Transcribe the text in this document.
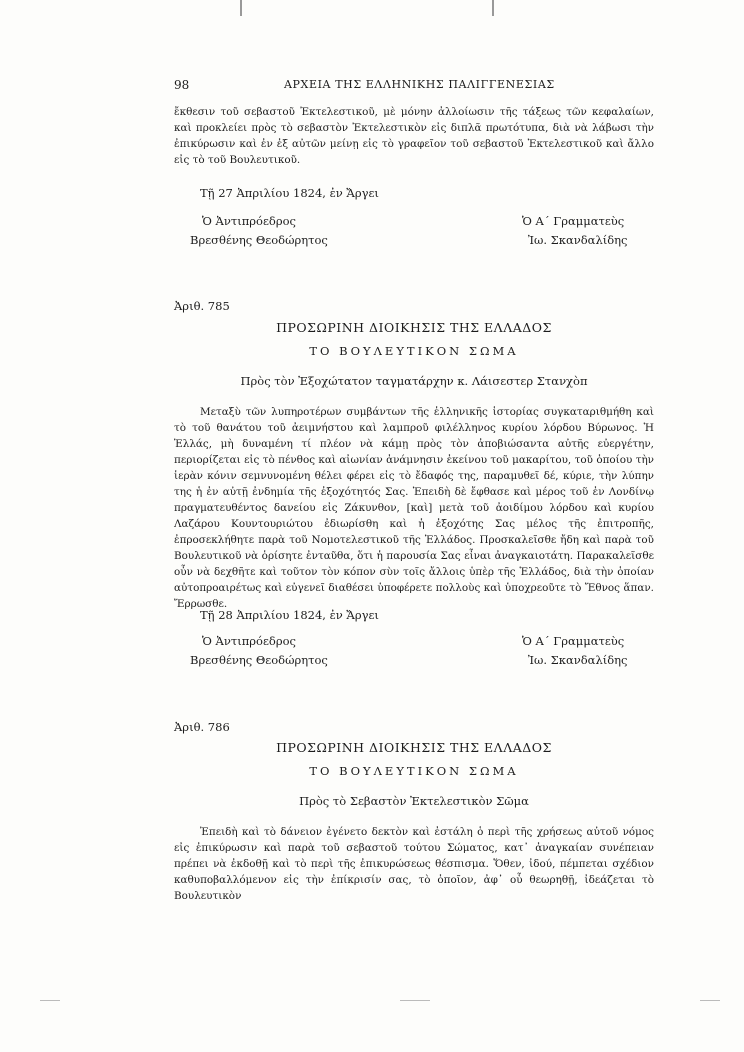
98	ΑΡΧΕΙΑ ΤΗΣ ΕΛΛΗΝΙΚΗΣ ΠΑΛΙΓΓΕΝΕΣΙΑΣ
ἔκθεσιν τοῦ σεβαστοῦ Ἐκτελεστικοῦ, μὲ μόνην ἀλλοίωσιν τῆς τάξεως τῶν κεφαλαίων, καὶ προκλείει πρὸς τὸ σεβαστὸν Ἐκτελεστικὸν εἰς διπλᾶ πρωτότυπα, διὰ νὰ λάβωσι τὴν ἐπικύρωσιν καὶ ἐν ἐξ αὐτῶν μείνῃ εἰς τὸ γραφεῖον τοῦ σεβαστοῦ Ἐκτελεστικοῦ καὶ ἄλλο εἰς τὸ τοῦ Βουλευτικοῦ.
Τῇ 27 Ἀπριλίου 1824, ἐν Ἄργει
Ὁ Ἀντιπρόεδρος
Βρεσθένης Θεοδώρητος
Ὁ Α΄ Γραμματεὺς
Ἰω. Σκανδαλίδης
Ἀριθ. 785
ΠΡΟΣΩΡΙΝΗ ΔΙΟΙΚΗΣΙΣ ΤΗΣ ΕΛΛΑΔΟΣ
ΤΟ ΒΟΥΛΕΥΤΙΚΟΝ ΣΩΜΑ
Πρὸς τὸν Ἐξοχώτατον ταγματάρχην κ. Λάισεστερ Στανχὸπ
Μεταξὺ τῶν λυπηροτέρων συμβάντων τῆς ἑλληνικῆς ἱστορίας συγκαταριθμήθη καὶ τὸ τοῦ θανάτου τοῦ ἀειμνήστου καὶ λαμπροῦ φιλέλληνος κυρίου λόρδου Βύρωνος. Ἡ Ἑλλάς, μὴ δυναμένη τί πλέον νὰ κάμῃ πρὸς τὸν ἀποβιώσαντα αὐτῆς εὐεργέτην, περιορίζεται εἰς τὸ πένθος καὶ αἰωνίαν ἀνάμνησιν ἐκείνου τοῦ μακαρίτου, τοῦ ὁποίου τὴν ἱερὰν κόνιν σεμνυνομένη θέλει φέρει εἰς τὸ ἔδαφός της, παραμυθεῖ δέ, κύριε, τὴν λύπην της ἡ ἐν αὐτῇ ἐνδημία τῆς ἐξοχότητός Σας. Ἐπειδὴ δὲ ἔφθασε καὶ μέρος τοῦ ἐν Λονδίνῳ πραγματευθέντος δανείου εἰς Ζάκυνθον, [καὶ] μετὰ τοῦ ἀοιδίμου λόρδου καὶ κυρίου Λαζάρου Κουντουριώτου ἐδιωρίσθη καὶ ἡ ἐξοχότης Σας μέλος τῆς ἐπιτροπῆς, ἐπροσεκλήθητε παρὰ τοῦ Νομοτελεστικοῦ τῆς Ἑλλάδος. Προσκαλεῖσθε ἤδη καὶ παρὰ τοῦ Βουλευτικοῦ νὰ ὁρίσητε ἐνταῦθα, ὅτι ἡ παρουσία Σας εἶναι ἀναγκαιοτάτη. Παρακαλεῖσθε οὖν νὰ δεχθῆτε καὶ τοῦτον τὸν κόπον σὺν τοῖς ἄλλοις ὑπὲρ τῆς Ἑλλάδος, διὰ τὴν ὁποίαν αὐτοπροαιρέτως καὶ εὐγενεῖ διαθέσει ὑποφέρετε πολλοὺς καὶ ὑποχρεοῦτε τὸ Ἔθνος ἅπαν. Ἔρρωσθε.
Τῇ 28 Ἀπριλίου 1824, ἐν Ἄργει
Ὁ Ἀντιπρόεδρος
Βρεσθένης Θεοδώρητος
Ὁ Α΄ Γραμματεὺς
Ἰω. Σκανδαλίδης
Ἀριθ. 786
ΠΡΟΣΩΡΙΝΗ ΔΙΟΙΚΗΣΙΣ ΤΗΣ ΕΛΛΑΔΟΣ
ΤΟ ΒΟΥΛΕΥΤΙΚΟΝ ΣΩΜΑ
Πρὸς τὸ Σεβαστὸν Ἐκτελεστικὸν Σῶμα
Ἐπειδὴ καὶ τὸ δάνειον ἐγένετο δεκτὸν καὶ ἐστάλη ὁ περὶ τῆς χρήσεως αὐτοῦ νόμος εἰς ἐπικύρωσιν καὶ παρὰ τοῦ σεβαστοῦ τούτου Σώματος, κατ᾽ ἀναγκαίαν συνέπειαν πρέπει νὰ ἐκδοθῇ καὶ τὸ περὶ τῆς ἐπικυρώσεως θέσπισμα. Ὅθεν, ἰδού, πέμπεται σχέδιον καθυποβαλλόμενον εἰς τὴν ἐπίκρισίν σας, τὸ ὁποῖον, ἀφ᾽ οὗ θεωρηθῇ, ἰδεάζεται τὸ Βουλευτικὸν
